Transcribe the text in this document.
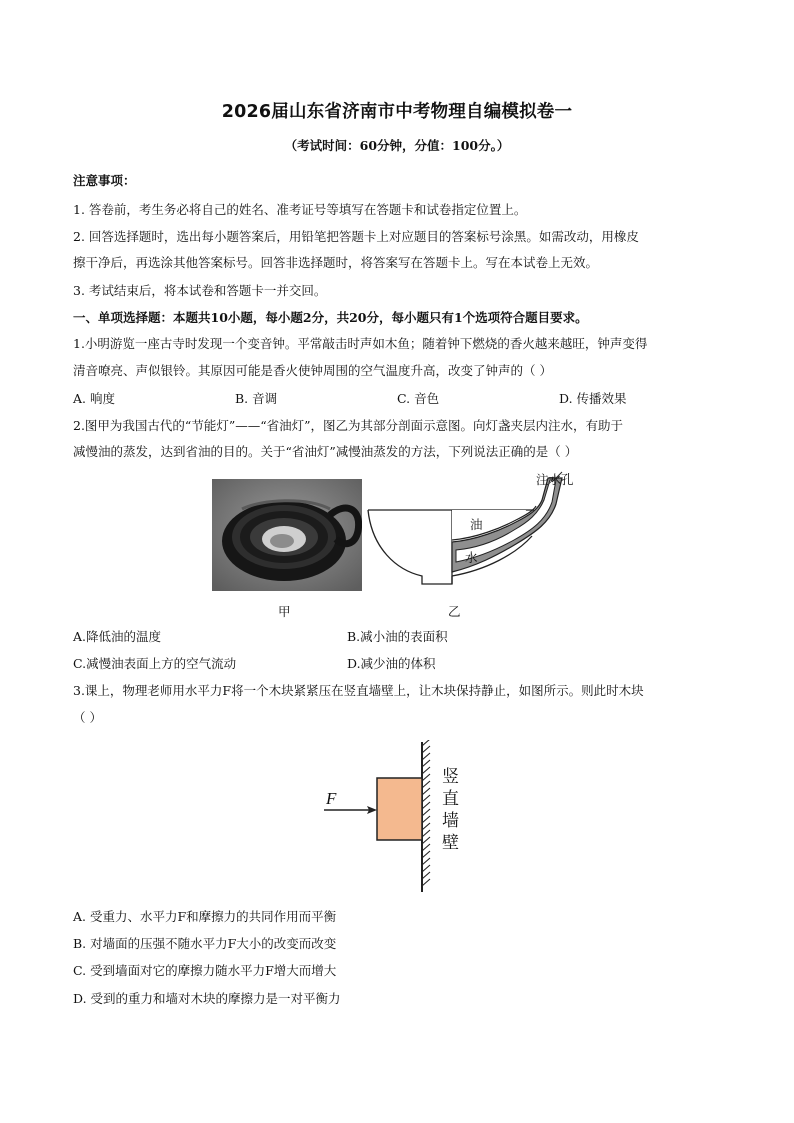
2026届山东省济南市中考物理自编模拟卷一
（考试时间：60分钟，分值：100分。）
注意事项：
1. 答卷前，考生务必将自己的姓名、准考证号等填写在答题卡和试卷指定位置上。
2. 回答选择题时，选出每小题答案后，用铅笔把答题卡上对应题目的答案标号涂黑。如需改动，用橡皮
擦干净后，再选涂其他答案标号。回答非选择题时，将答案写在答题卡上。写在本试卷上无效。
3. 考试结束后，将本试卷和答题卡一并交回。
一、单项选择题：本题共10小题，每小题2分，共20分，每小题只有1个选项符合题目要求。
1.小明游览一座古寺时发现一个变音钟。平常敲击时声如木鱼；随着钟下燃烧的香火越来越旺，钟声变得
清音嘹亮、声似银铃。其原因可能是香火使钟周围的空气温度升高，改变了钟声的（ ）
A. 响度	B. 音调	C. 音色	D. 传播效果
2.图甲为我国古代的“节能灯”——“省油灯”，图乙为其部分剖面示意图。向灯盏夹层内注水，有助于
减慢油的蒸发，达到省油的目的。关于“省油灯”减慢油蒸发的方法，下列说法正确的是（ ）
甲
注水孔
油
水
乙
A.降低油的温度	B.减小油的表面积
C.减慢油表面上方的空气流动	D.减少油的体积
3.课上，物理老师用水平力F将一个木块紧紧压在竖直墙壁上，让木块保持静止，如图所示。则此时木块
（ ）
F
竖直墙壁
A. 受重力、水平力F和摩擦力的共同作用而平衡
B. 对墙面的压强不随水平力F大小的改变而改变
C. 受到墙面对它的摩擦力随水平力F增大而增大
D. 受到的重力和墙对木块的摩擦力是一对平衡力
